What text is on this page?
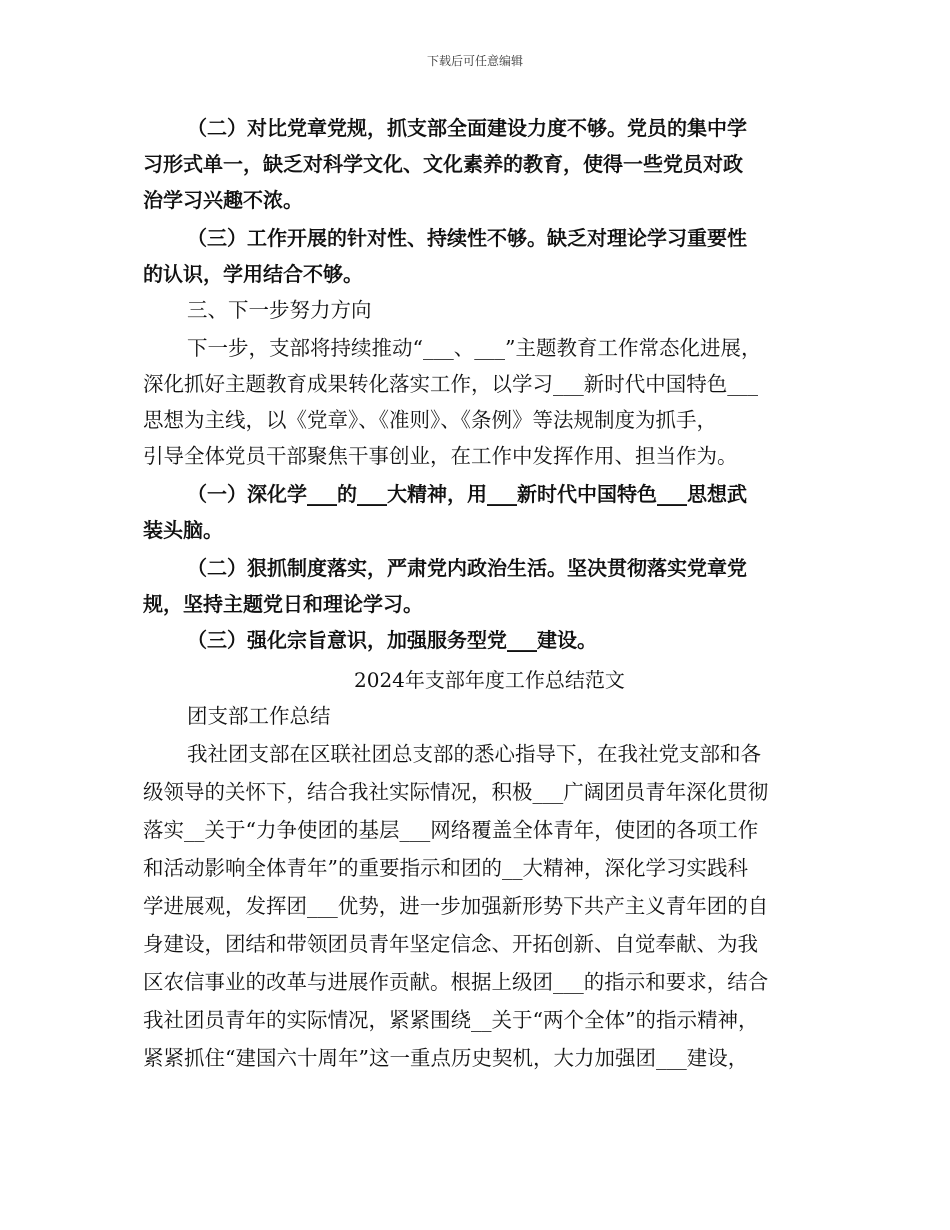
下载后可任意编辑
（二）对比党章党规，抓支部全面建设力度不够。党员的集中学
习形式单一，缺乏对科学文化、文化素养的教育，使得一些党员对政
治学习兴趣不浓。
（三）工作开展的针对性、持续性不够。缺乏对理论学习重要性
的认识，学用结合不够。
三、下一步努力方向
下一步，支部将持续推动“___、___”主题教育工作常态化进展，
深化抓好主题教育成果转化落实工作，以学习___新时代中国特色___
思想为主线，以《党章》、《准则》、《条例》等法规制度为抓手，
引导全体党员干部聚焦干事创业，在工作中发挥作用、担当作为。
（一）深化学___的___大精神，用___新时代中国特色___思想武
装头脑。
（二）狠抓制度落实，严肃党内政治生活。坚决贯彻落实党章党
规，坚持主题党日和理论学习。
（三）强化宗旨意识，加强服务型党___建设。
2024年支部年度工作总结范文
团支部工作总结
我社团支部在区联社团总支部的悉心指导下，在我社党支部和各
级领导的关怀下，结合我社实际情况，积极___广阔团员青年深化贯彻
落实__关于“力争使团的基层___网络覆盖全体青年，使团的各项工作
和活动影响全体青年”的重要指示和团的__大精神，深化学习实践科
学进展观，发挥团___优势，进一步加强新形势下共产主义青年团的自
身建设，团结和带领团员青年坚定信念、开拓创新、自觉奉献、为我
区农信事业的改革与进展作贡献。根据上级团___的指示和要求，结合
我社团员青年的实际情况，紧紧围绕__关于“两个全体”的指示精神，
紧紧抓住“建国六十周年”这一重点历史契机，大力加强团___建设，
